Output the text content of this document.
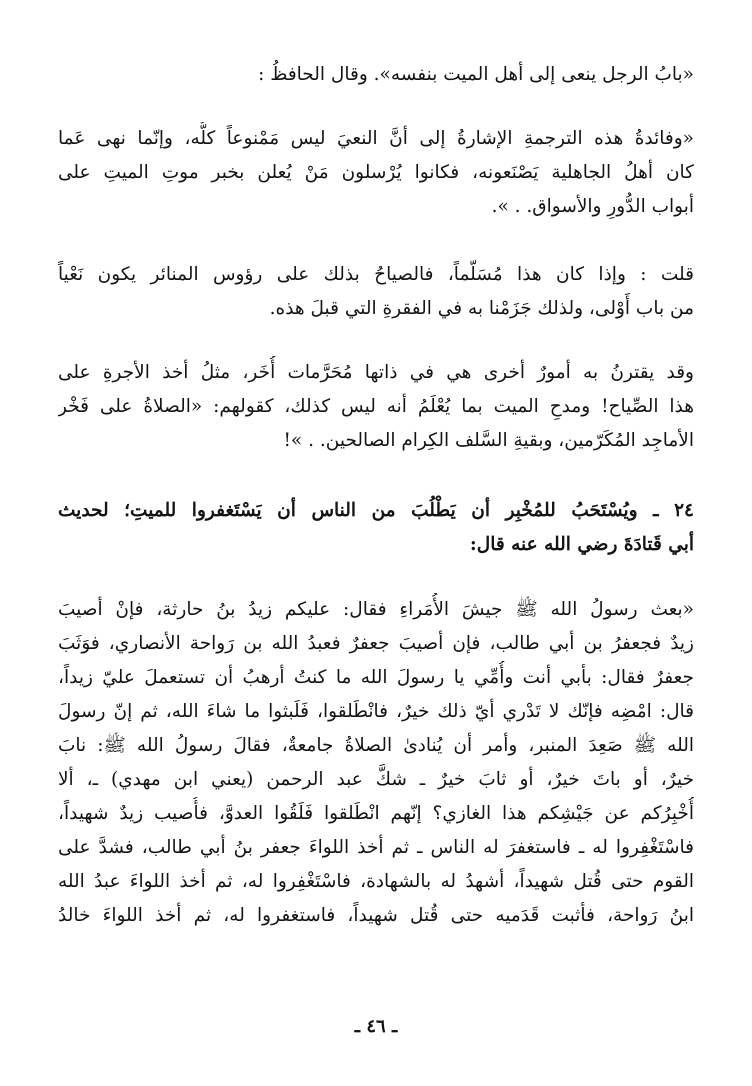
«بابُ الرجل ينعى إلى أهل الميت بنفسه». وقال الحافظُ :
«وفائدةُ هذه الترجمةِ الإشارةُ إلى أنَّ النعيَ ليس مَمْنوعاً كلُّه، وإنّما نهى عَما
كان أهلُ الجاهلية يَصْنَعونه، فكانوا يُرْسلون مَنْ يُعلن بخبر موتِ الميتِ على
أبواب الدُّورِ والأسواق. . ».
قلت : وإذا كان هذا مُسَلّماً، فالصياحُ بذلك على رؤوس المنائر يكون نَعْياً
من باب أَوْلى، ولذلك جَزَمْنا به في الفقرةِ التي قبلَ هذه.
وقد يقترنُ به أمورٌ أخرى هي في ذاتها مُحَرَّمات أُخَر، مثلُ أخذ الأجرةِ على
هذا الصِّياح! ومدحِ الميت بما يُعْلَمُ أنه ليس كذلك، كقولهم: «الصلاةُ على فَخْر
الأماجِد المُكَرّمين، وبقيةِ السَّلف الكِرام الصالحين. . »!
٢٤ ـ ويُسْتَحَبُ للمُخْبِر أن يَطْلُبَ من الناس أن يَسْتَغفروا للميتِ؛ لحديث
أبي قَتادَةَ رضي الله عنه قال:
«بعث رسولُ الله ﷺ جيشَ الأُمَراءِ فقال: عليكم زيدُ بنُ حارثة، فإنْ أصيبَ
زيدٌ فجعفرُ بن أبي طالب، فإن أصيبَ جعفرٌ فعبدُ الله بن رَواحة الأنصاري، فوَثَبَ
جعفرٌ فقال: بأبي أنت وأُمِّي يا رسولَ الله ما كنتُ أرهبُ أن تستعملَ عليّ زيداً،
قال: امْضِه فإنّك لا تَدْري أيّ ذلك خيرٌ، فانْطَلقوا، فَلَبثوا ما شاءَ الله، ثم إنّ رسولَ
الله ﷺ صَعِدَ المنبر، وأمر أن يُنادىٰ الصلاةُ جامعةٌ، فقالَ رسولُ الله ﷺ: نابَ
خيرٌ، أو باتَ خيرٌ، أو ثابَ خيرٌ ـ شكَّ عبد الرحمن (يعني ابن مهدي) ـ، ألا
أُخْبِرُكم عن جَيْشِكم هذا الغازي؟ إنّهم انْطَلقوا فَلَقُوا العدوَّ، فأُصيب زيدٌ شهيداً،
فاسْتَغْفِروا له ـ فاستغفرَ له الناس ـ ثم أخذ اللواءَ جعفر بنُ أبي طالب، فشدَّ على
القوم حتى قُتل شهيداً، أشهدُ له بالشهادة، فاسْتَغْفِروا له، ثم أخذ اللواءَ عبدُ الله
ابنُ رَواحة، فأثبت قَدَميه حتى قُتل شهيداً، فاستغفروا له، ثم أخذ اللواءَ خالدُ
ـ ٤٦ ـ
